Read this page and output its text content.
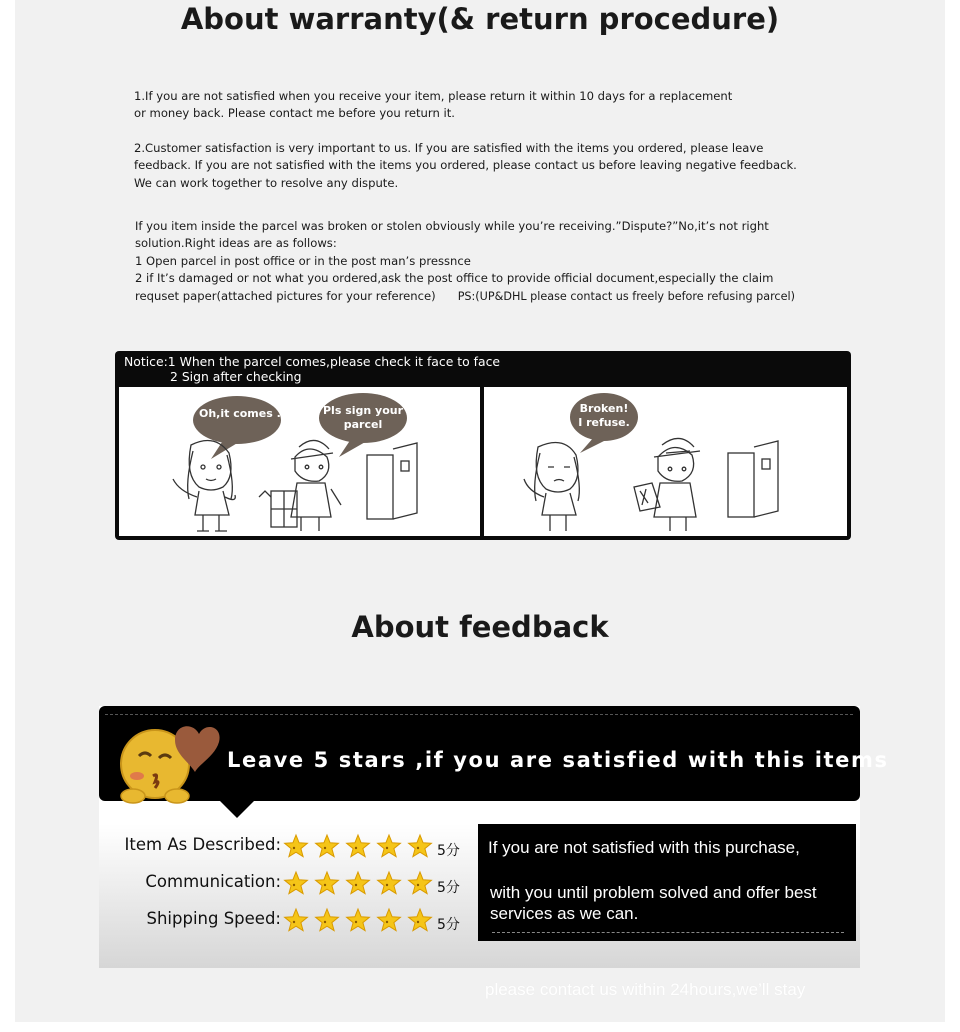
About warranty(& return procedure)
1.If you are not satisfied when you receive your item, please return it within 10 days for a replacement
or money back. Please contact me before you return it.
2.Customer satisfaction is very important to us. If you are satisfied with the items you ordered, please leave
feedback. If you are not satisfied with the items you ordered, please contact us before leaving negative feedback.
We can work together to resolve any dispute.
If you item inside the parcel was broken or stolen obviously while you’re receiving.”Dispute?”No,it’s not right
solution.Right ideas are as follows:
1 Open parcel in post office or in the post man’s pressnce
2 if It’s damaged or not what you ordered,ask the post office to provide official document,especially the claim
requset paper(attached pictures for your reference) PS:(UP&DHL please contact us freely before refusing parcel)
Notice:1 When the parcel comes,please check it face to face
2 Sign after checking
Oh,it comes ...	Pls sign your
parcel
Broken!
I refuse.
About feedback
Leave 5 stars ,if you are satisfied with this items
Item As Described:	5分
Communication:	5分
Shipping Speed:	5分
If you are not satisfied with this purchase,
with you until problem solved and offer best services as we can.
please contact us within 24hours,we’ll stay
